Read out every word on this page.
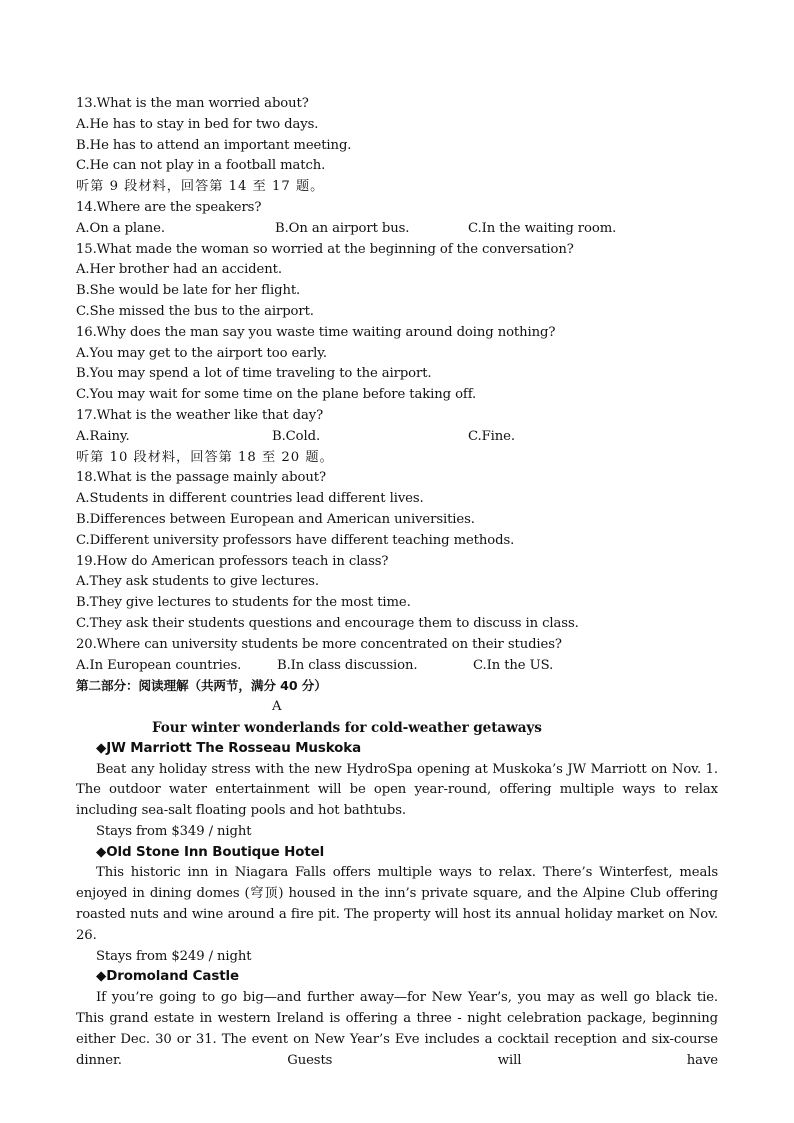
13.What is the man worried about?
A.He has to stay in bed for two days.
B.He has to attend an important meeting.
C.He can not play in a football match.
听第 9 段材料，回答第 14 至 17 题。
14.Where are the speakers?
A.On a plane.	B.On an airport bus.	C.In the waiting room.
15.What made the woman so worried at the beginning of the conversation?
A.Her brother had an accident.
B.She would be late for her flight.
C.She missed the bus to the airport.
16.Why does the man say you waste time waiting around doing nothing?
A.You may get to the airport too early.
B.You may spend a lot of time traveling to the airport.
C.You may wait for some time on the plane before taking off.
17.What is the weather like that day?
A.Rainy.	B.Cold.	C.Fine.
听第 10 段材料，回答第 18 至 20 题。
18.What is the passage mainly about?
A.Students in different countries lead different lives.
B.Differences between European and American universities.
C.Different university professors have different teaching methods.
19.How do American professors teach in class?
A.They ask students to give lectures.
B.They give lectures to students for the most time.
C.They ask their students questions and encourage them to discuss in class.
20.Where can university students be more concentrated on their studies?
A.In European countries.	B.In class discussion.	C.In the US.
第二部分：阅读理解（共两节，满分 40 分）
A
Four winter wonderlands for cold-weather getaways
◆JW Marriott The Rosseau Muskoka

Beat any holiday stress with the new HydroSpa opening at Muskoka’s JW Marriott on Nov. 1. The outdoor water entertainment will be open year-round, offering multiple ways to relax including sea-salt floating pools and hot bathtubs.

Stays from $349 / night
◆Old Stone Inn Boutique Hotel

This historic inn in Niagara Falls offers multiple ways to relax. There’s Winterfest, meals enjoyed in dining domes (穹顶) housed in the inn’s private square, and the Alpine Club offering roasted nuts and wine around a fire pit. The property will host its annual holiday market on Nov. 26.

Stays from $249 / night
◆Dromoland Castle

If you’re going to go big—and further away—for New Year’s, you may as well go black tie. This grand estate in western Ireland is offering a three - night celebration package, beginning either Dec. 30 or 31. The event on New Year’s Eve includes a cocktail reception and six-course dinner. Guests will have
